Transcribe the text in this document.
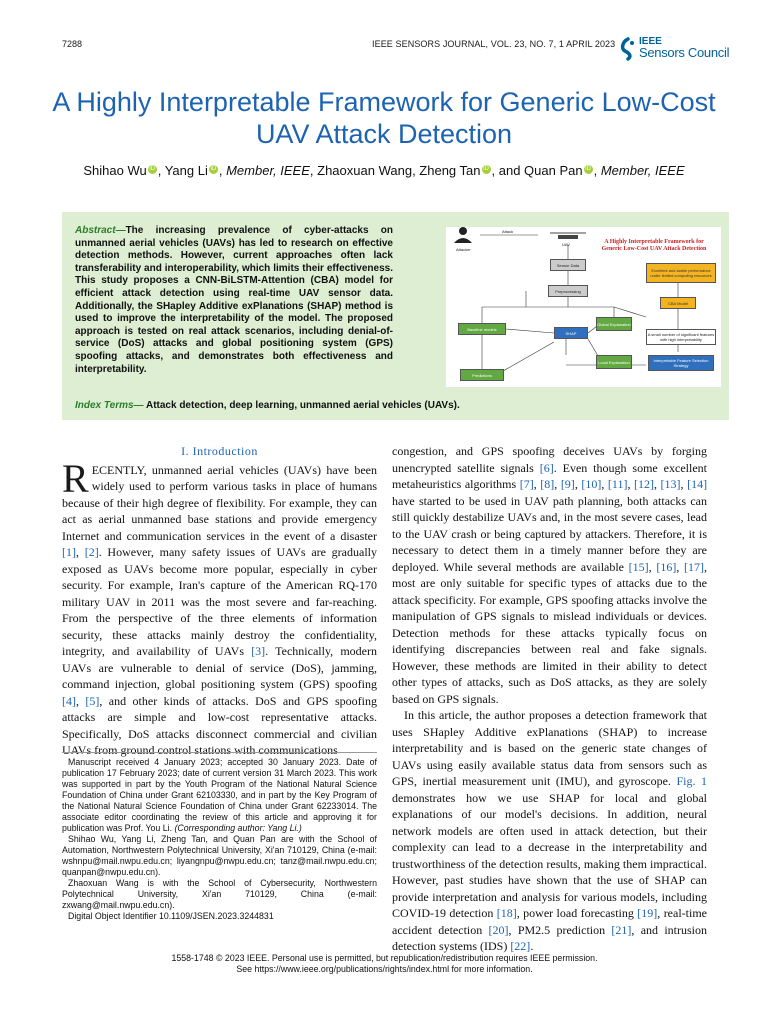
7288	IEEE SENSORS JOURNAL, VOL. 23, NO. 7, 1 APRIL 2023 IEEE
Sensors Council
A Highly Interpretable Framework for Generic Low-Cost UAV Attack Detection
Shihao Wu iD , Yang Li iD , Member, IEEE, Zhaoxuan Wang, Zheng Tan iD , and Quan Pan iD , Member, IEEE
Abstract—The increasing prevalence of cyber-attacks on unmanned aerial vehicles (UAVs) has led to research on effective detection methods. However, current approaches often lack transferability and interoperability, which limits their effectiveness. This study proposes a CNN-BiLSTM-Attention (CBA) model for efficient attack detection using real-time UAV sensor data. Additionally, the SHapley Additive exPlanations (SHAP) method is used to improve the interpretability of the model. The proposed approach is tested on real attack scenarios, including denial-of-service (DoS) attacks and global positioning system (GPS) spoofing attacks, and demonstrates both effectiveness and interpretability.
Attacker
Attack
UAV	A Highly Interpretable Framework for Generic Low-Cost UAV Attack Detection
Sensor Data
Preprocessing
Baseline models
Global Explanation
SHAP
Local Explanation
Predictions
Excellent and stable performance under limited computing resources
CBA Model
A small number of significant features with high interpretability
Interpretable Feature Selection Strategy
Index Terms— Attack detection, deep learning, unmanned aerial vehicles (UAVs).
I. Introduction

RECENTLY, unmanned aerial vehicles (UAVs) have been widely used to perform various tasks in place of humans because of their high degree of flexibility. For example, they can act as aerial unmanned base stations and provide emergency Internet and communication services in the event of a disaster [1], [2]. However, many safety issues of UAVs are gradually exposed as UAVs become more popular, especially in cyber security. For example, Iran's capture of the American RQ-170 military UAV in 2011 was the most severe and far-reaching. From the perspective of the three elements of information security, these attacks mainly destroy the confidentiality, integrity, and availability of UAVs [3]. Technically, modern UAVs are vulnerable to denial of service (DoS), jamming, command injection, global positioning system (GPS) spoofing [4], [5], and other kinds of attacks. DoS and GPS spoofing attacks are simple and low-cost representative attacks. Specifically, DoS attacks disconnect commercial and civilian UAVs from ground control stations with communications

Manuscript received 4 January 2023; accepted 30 January 2023. Date of publication 17 February 2023; date of current version 31 March 2023. This work was supported in part by the Youth Program of the National Natural Science Foundation of China under Grant 62103330, and in part by the Key Program of the National Natural Science Foundation of China under Grant 62233014. The associate editor coordinating the review of this article and approving it for publication was Prof. You Li. (Corresponding author: Yang Li.)

Shihao Wu, Yang Li, Zheng Tan, and Quan Pan are with the School of Automation, Northwestern Polytechnical University, Xi'an 710129, China (e-mail: wshnpu@mail.nwpu.edu.cn; liyangnpu@nwpu.edu.cn; tanz@mail.nwpu.edu.cn; quanpan@nwpu.edu.cn).

Zhaoxuan Wang is with the School of Cybersecurity, Northwestern Polytechnical University, Xi'an 710129, China (e-mail: zxwang@mail.nwpu.edu.cn).

Digital Object Identifier 10.1109/JSEN.2023.3244831

congestion, and GPS spoofing deceives UAVs by forging unencrypted satellite signals [6]. Even though some excellent metaheuristics algorithms [7], [8], [9], [10], [11], [12], [13], [14] have started to be used in UAV path planning, both attacks can still quickly destabilize UAVs and, in the most severe cases, lead to the UAV crash or being captured by attackers. Therefore, it is necessary to detect them in a timely manner before they are deployed. While several methods are available [15], [16], [17], most are only suitable for specific types of attacks due to the attack specificity. For example, GPS spoofing attacks involve the manipulation of GPS signals to mislead individuals or devices. Detection methods for these attacks typically focus on identifying discrepancies between real and fake signals. However, these methods are limited in their ability to detect other types of attacks, such as DoS attacks, as they are solely based on GPS signals.

In this article, the author proposes a detection framework that uses SHapley Additive exPlanations (SHAP) to increase interpretability and is based on the generic state changes of UAVs using easily available status data from sensors such as GPS, inertial measurement unit (IMU), and gyroscope. Fig. 1 demonstrates how we use SHAP for local and global explanations of our model's decisions. In addition, neural network models are often used in attack detection, but their complexity can lead to a decrease in the interpretability and trustworthiness of the detection results, making them impractical. However, past studies have shown that the use of SHAP can provide interpretation and analysis for various models, including COVID-19 detection [18], power load forecasting [19], real-time accident detection [20], PM2.5 prediction [21], and intrusion detection systems (IDS) [22].

1558-1748 © 2023 IEEE. Personal use is permitted, but republication/redistribution requires IEEE permission.
See https://www.ieee.org/publications/rights/index.html for more information.
